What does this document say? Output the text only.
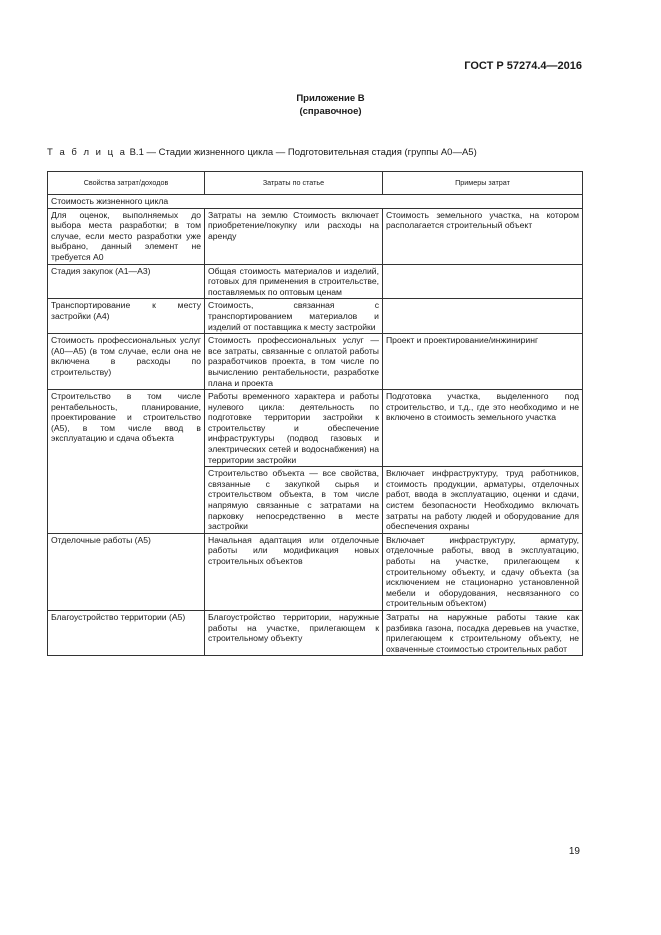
ГОСТ Р 57274.4—2016
Приложение В
(справочное)
Т а б л и ц а В.1 — Стадии жизненного цикла — Подготовительная стадия (группы А0—А5)
Свойства затрат/доходов	Затраты по статье	Примеры затрат
Стоимость жизненного цикла		
Для оценок, выполняемых до выбора места разработки; в том случае, если место разработки уже выбрано, данный элемент не требуется А0	Затраты на землю Стоимость включает приобретение/покупку или расходы на аренду	Стоимость земельного участка, на котором располагается строительный объект
Стадия закупок (А1—А3)	Общая стоимость материалов и изделий, готовых для применения в строительстве, поставляемых по оптовым ценам	
Транспортирование к месту застройки (А4)	Стоимость, связанная с транспортированием материалов и изделий от поставщика к месту застройки	
Стоимость профессиональных услуг (А0—А5) (в том случае, если она не включена в расходы по строительству)	Стоимость профессиональных услуг — все затраты, связанные с оплатой работы разработчиков проекта, в том числе по вычислению рентабельности, разработке плана и проекта	Проект и проектирование/инжиниринг
Строительство в том числе рентабельность, планирование, проектирование и строительство (А5), в том числе ввод в эксплуатацию и сдача объекта	Работы временного характера и работы нулевого цикла: деятельность по подготовке территории застройки к строительству и обеспечение инфраструктуры (подвод газовых и электрических сетей и водоснабжения) на территории застройки	Подготовка участка, выделенного под строительство, и т.д., где это необходимо и не включено в стоимость земельного участка
	Строительство объекта — все свойства, связанные с закупкой сырья и строительством объекта, в том числе напрямую связанные с затратами на парковку непосредственно в месте застройки	Включает инфраструктуру, труд работников, стоимость продукции, арматуры, отделочных работ, ввода в эксплуатацию, оценки и сдачи, систем безопасности Необходимо включать затраты на работу людей и оборудование для обеспечения охраны
Отделочные работы (А5)	Начальная адаптация или отделочные работы или модификация новых строительных объектов	Включает инфраструктуру, арматуру, отделочные работы, ввод в эксплуатацию, работы на участке, прилегающем к строительному объекту, и сдачу объекта (за исключением не стационарно установленной мебели и оборудования, несвязанного со строительным объектом)
Благоустройство территории (А5)	Благоустройство территории, наружные работы на участке, прилегающем к строительному объекту	Затраты на наружные работы такие как разбивка газона, посадка деревьев на участке, прилегающем к строительному объекту, не охваченные стоимостью строительных работ
19
